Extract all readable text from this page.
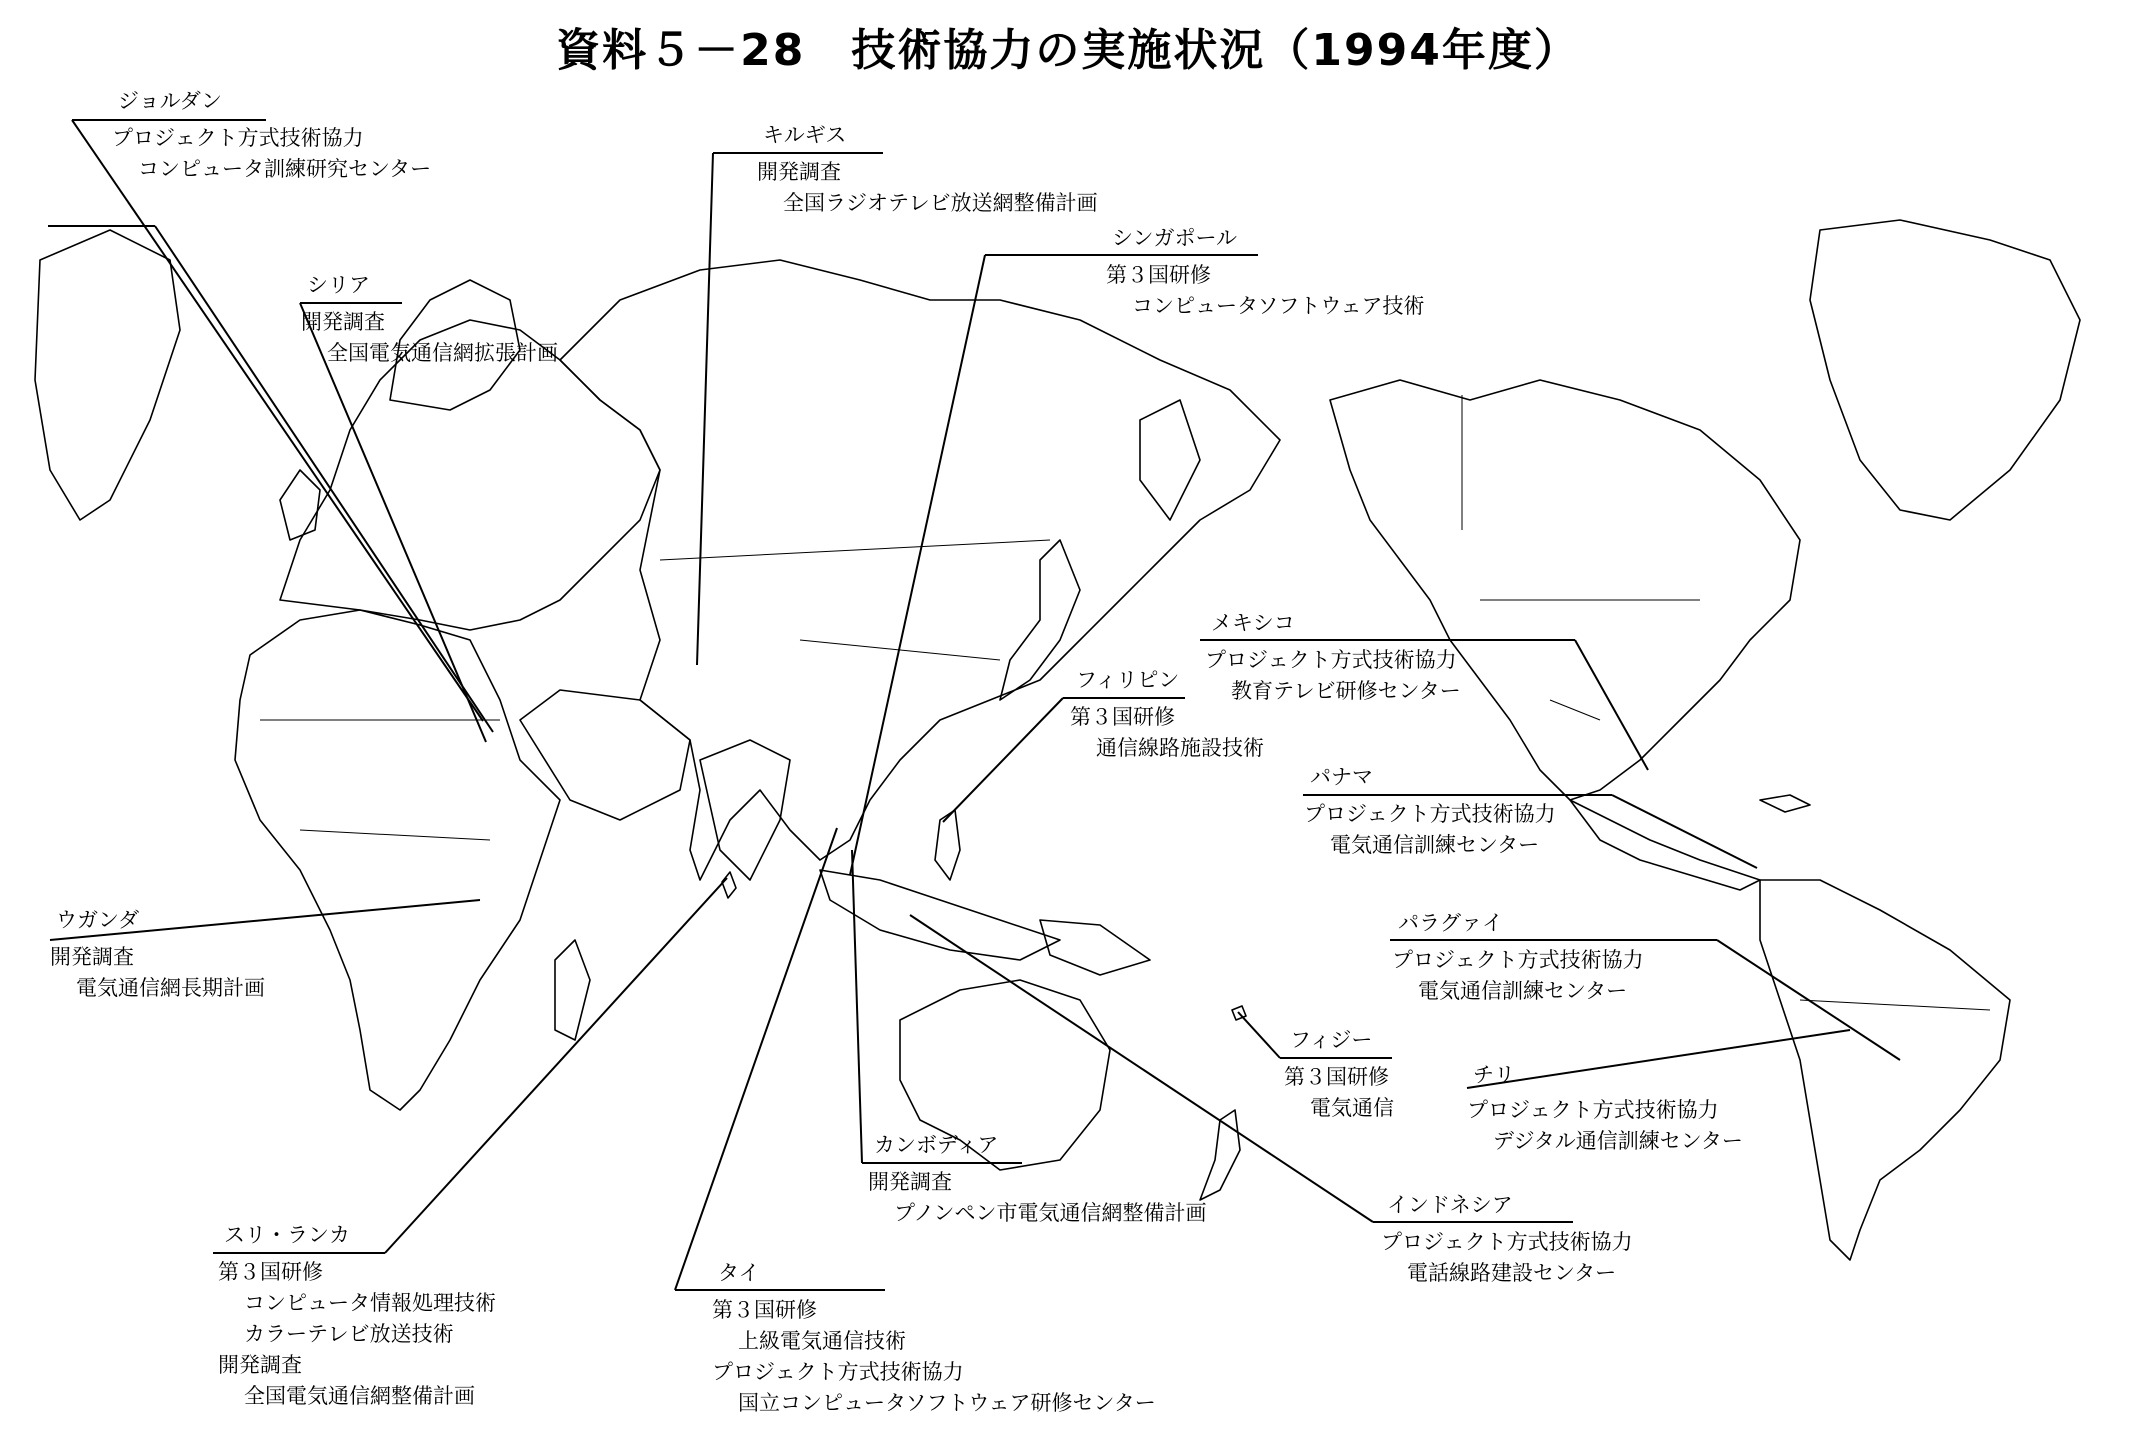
資料５－28　技術協力の実施状況（1994年度）
ジョルダン
プロジェクト方式技術協力
コンピュータ訓練研究センター
キルギス
開発調査
全国ラジオテレビ放送網整備計画
シンガポール
第３国研修
コンピュータソフトウェア技術
シリア
開発調査
全国電気通信網拡張計画
メキシコ
プロジェクト方式技術協力
教育テレビ研修センター
フィリピン
第３国研修
通信線路施設技術
パナマ
プロジェクト方式技術協力
電気通信訓練センター
ウガンダ
開発調査
電気通信網長期計画
パラグァイ
プロジェクト方式技術協力
電気通信訓練センター
フィジー
第３国研修
電気通信
チリ
プロジェクト方式技術協力
デジタル通信訓練センター
カンボディア
開発調査
プノンペン市電気通信網整備計画	インドネシア
プロジェクト方式技術協力
電話線路建設センター
スリ・ランカ
第３国研修
コンピュータ情報処理技術
カラーテレビ放送技術
開発調査
全国電気通信網整備計画
タイ
第３国研修
上級電気通信技術
プロジェクト方式技術協力
国立コンピュータソフトウェア研修センター
